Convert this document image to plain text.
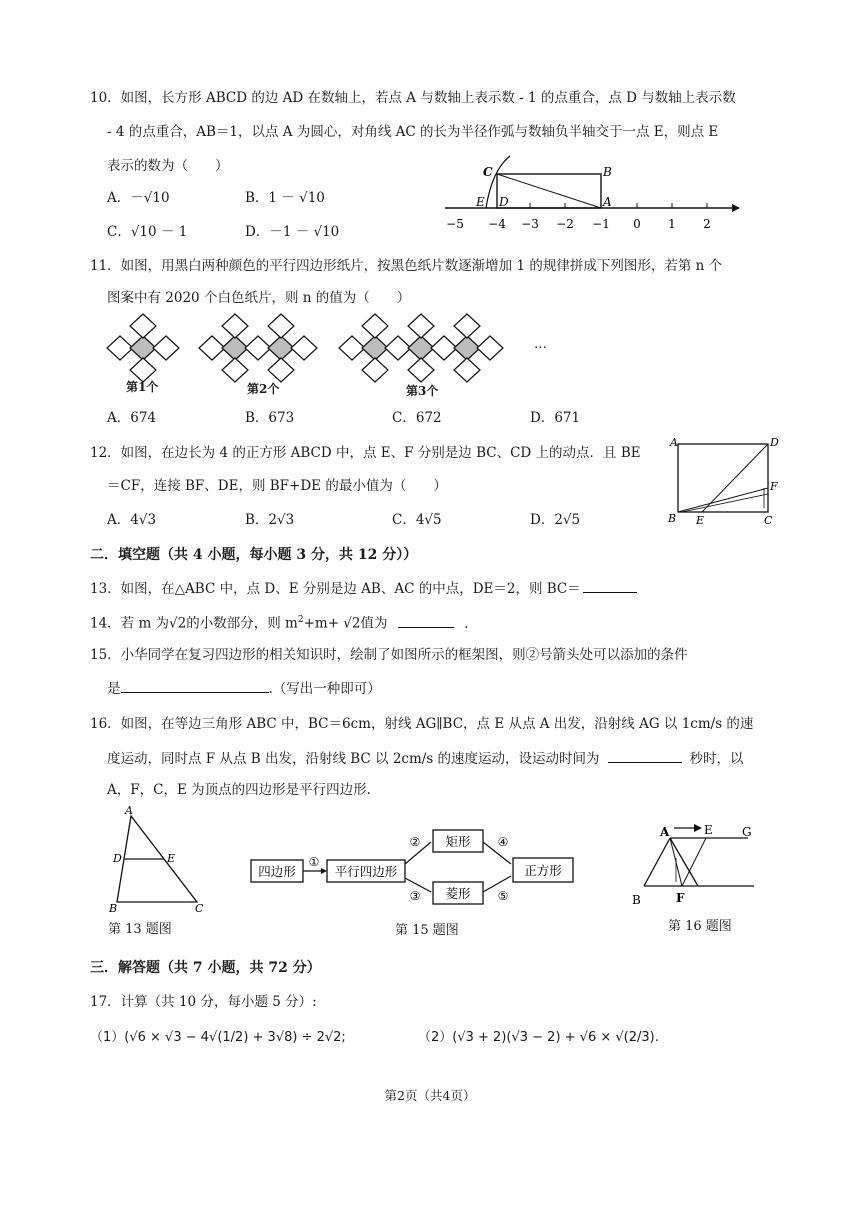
10．如图，长方形 ABCD 的边 AD 在数轴上，若点 A 与数轴上表示数 - 1 的点重合，点 D 与数轴上表示数
- 4 的点重合，AB＝1，以点 A 为圆心，对角线 AC 的长为半径作弧与数轴负半轴交于一点 E，则点 E
表示的数为（　　）
A．－√10	B．1 － √10
C．√10 － 1	D．－1 － √10	−5 −4 −3 −2 −1 0 1 2
C	B
E D	A
11．如图，用黑白两种颜色的平行四边形纸片，按黑色纸片数逐渐增加 1 的规律拼成下列图形，若第 n 个
图案中有 2020 个白色纸片，则 n 的值为（　　）
第1个	第2个	第3个
…
A．674	B．673	C．672	D．671
A	D
B E	C
F
12．如图，在边长为 4 的正方形 ABCD 中，点 E、F 分别是边 BC、CD 上的动点．且 BE
＝CF，连接 BF、DE，则 BF+DE 的最小值为（　　）
A．4√3	B．2√3	C．4√5	D．2√5
二．填空题（共 4 小题，每小题 3 分，共 12 分））
13．如图，在△ABC 中，点 D、E 分别是边 AB、AC 的中点，DE＝2，则 BC＝
14．若 m 为√2的小数部分，则 $m^2+m+ √2$值为	.
15．小华同学在复习四边形的相关知识时，绘制了如图所示的框架图，则②号箭头处可以添加的条件
是	.（写出一种即可）
16．如图，在等边三角形 ABC 中，BC＝6cm，射线 AG∥BC，点 E 从点 A 出发，沿射线 AG 以 1cm/s 的速
度运动，同时点 F 从点 B 出发，沿射线 BC 以 2cm/s 的速度运动，设运动时间为	秒时，以
A，F，C，E 为顶点的四边形是平行四边形.
A
D	E
B	C
第 13 题图
四边形	平行四边形
矩形
菱形
正方形
①
②
③
④
⑤
第 15 题图
A	E G
B	F
第 16 题图
三．解答题（共 7 小题，共 72 分）
17．计算（共 10 分，每小题 5 分）:
（1）(√6 × √3 − 4√(1/2) + 3√8) ÷ 2√2;	（2）(√3 + 2)(√3 − 2) + √6 × √(2/3).
第2页（共4页）
